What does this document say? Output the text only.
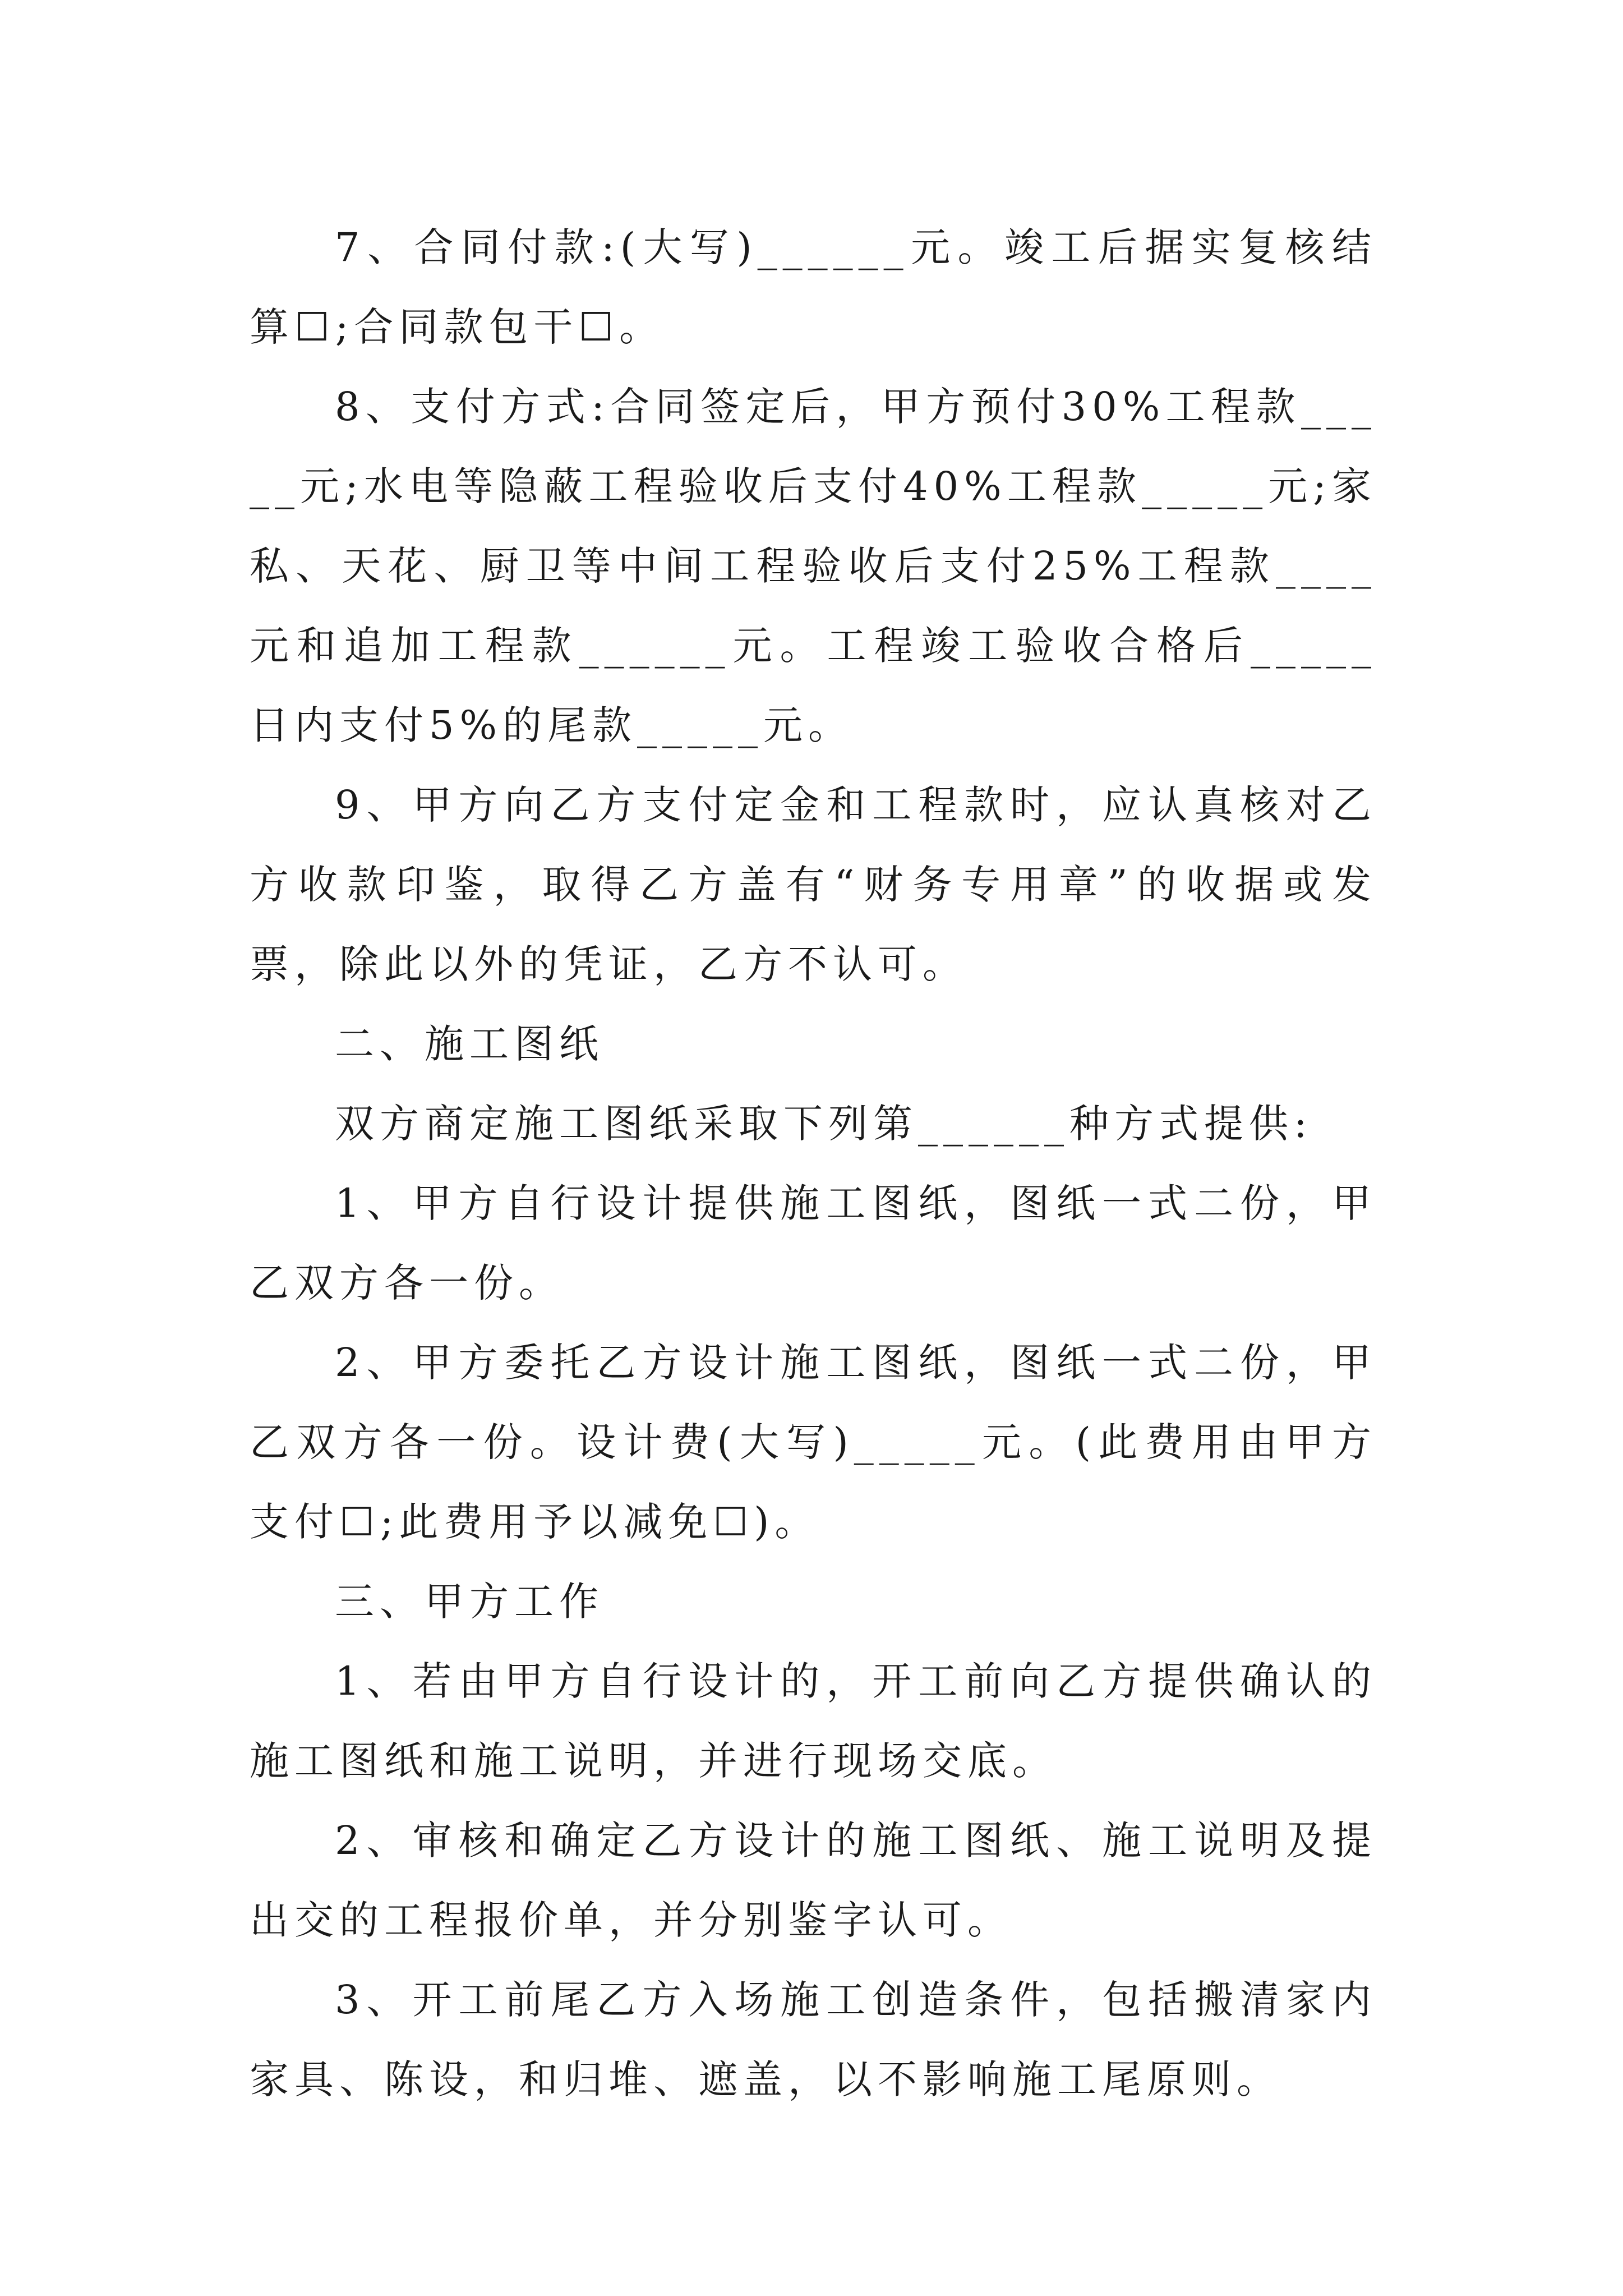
7、合同付款:(大写)______元。竣工后据实复核结算☐;合同款包干☐。

8、支付方式:合同签定后，甲方预付30%工程款_____元;水电等隐蔽工程验收后支付40%工程款_____元;家私、天花、厨卫等中间工程验收后支付25%工程款____元和追加工程款______元。工程竣工验收合格后_____日内支付5%的尾款_____元。

9、甲方向乙方支付定金和工程款时，应认真核对乙方收款印鉴，取得乙方盖有“财务专用章”的收据或发票，除此以外的凭证，乙方不认可。

二、施工图纸

双方商定施工图纸采取下列第______种方式提供:

1、甲方自行设计提供施工图纸，图纸一式二份，甲乙双方各一份。

2、甲方委托乙方设计施工图纸，图纸一式二份，甲乙双方各一份。设计费(大写)_____元。(此费用由甲方支付☐;此费用予以减免☐)。

三、甲方工作

1、若由甲方自行设计的，开工前向乙方提供确认的施工图纸和施工说明，并进行现场交底。

2、审核和确定乙方设计的施工图纸、施工说明及提出交的工程报价单，并分别鉴字认可。

3、开工前尾乙方入场施工创造条件，包括搬清家内家具、陈设，和归堆、遮盖，以不影响施工尾原则。
